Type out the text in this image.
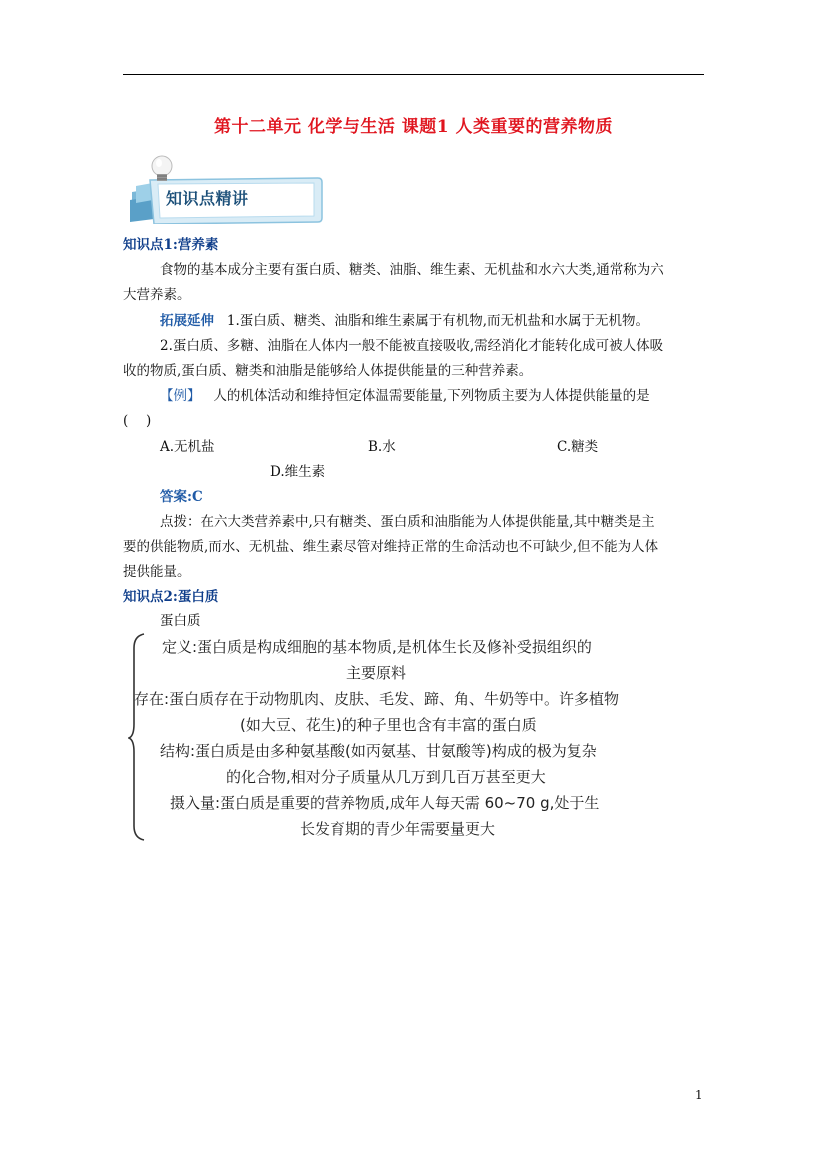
第十二单元 化学与生活 课题1 人类重要的营养物质
知识点精讲
知识点1:营养素
食物的基本成分主要有蛋白质、糖类、油脂、维生素、无机盐和水六大类,通常称为六
大营养素。
拓展延伸 1.蛋白质、糖类、油脂和维生素属于有机物,而无机盐和水属于无机物。
2.蛋白质、多糖、油脂在人体内一般不能被直接吸收,需经消化才能转化成可被人体吸
收的物质,蛋白质、糖类和油脂是能够给人体提供能量的三种营养素。
【例】 人的机体活动和维持恒定体温需要能量,下列物质主要为人体提供能量的是
(　 )
A.无机盐	B.水	C.糖类
D.维生素
答案:C
点拨：在六大类营养素中,只有糖类、蛋白质和油脂能为人体提供能量,其中糖类是主
要的供能物质,而水、无机盐、维生素尽管对维持正常的生命活动也不可缺少,但不能为人体
提供能量。
知识点2:蛋白质
蛋白质
定义:蛋白质是构成细胞的基本物质,是机体生长及修补受损组织的
主要原料
存在:蛋白质存在于动物肌肉、皮肤、毛发、蹄、角、牛奶等中。许多植物
(如大豆、花生)的种子里也含有丰富的蛋白质
结构:蛋白质是由多种氨基酸(如丙氨基、甘氨酸等)构成的极为复杂
的化合物,相对分子质量从几万到几百万甚至更大
摄入量:蛋白质是重要的营养物质,成年人每天需 60~70 g,处于生
长发育期的青少年需要量更大
1
